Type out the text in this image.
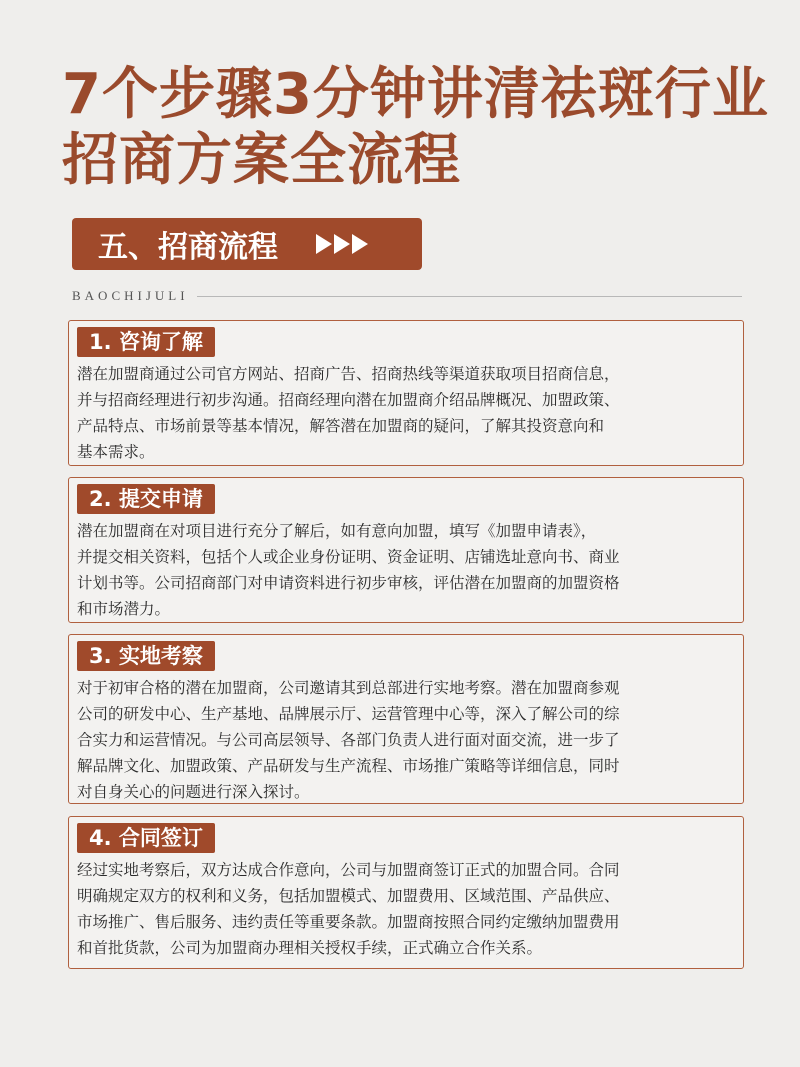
7个步骤3分钟讲清祛斑行业
招商方案全流程
五、招商流程
BAOCHIJULI
1. 咨询了解
潜在加盟商通过公司官方网站、招商广告、招商热线等渠道获取项目招商信息，
并与招商经理进行初步沟通。招商经理向潜在加盟商介绍品牌概况、加盟政策、
产品特点、市场前景等基本情况，解答潜在加盟商的疑问，了解其投资意向和
基本需求。
2. 提交申请
潜在加盟商在对项目进行充分了解后，如有意向加盟，填写《加盟申请表》，
并提交相关资料，包括个人或企业身份证明、资金证明、店铺选址意向书、商业
计划书等。公司招商部门对申请资料进行初步审核，评估潜在加盟商的加盟资格
和市场潜力。
3. 实地考察
对于初审合格的潜在加盟商，公司邀请其到总部进行实地考察。潜在加盟商参观
公司的研发中心、生产基地、品牌展示厅、运营管理中心等，深入了解公司的综
合实力和运营情况。与公司高层领导、各部门负责人进行面对面交流，进一步了
解品牌文化、加盟政策、产品研发与生产流程、市场推广策略等详细信息，同时
对自身关心的问题进行深入探讨。
4. 合同签订
经过实地考察后，双方达成合作意向，公司与加盟商签订正式的加盟合同。合同
明确规定双方的权利和义务，包括加盟模式、加盟费用、区域范围、产品供应、
市场推广、售后服务、违约责任等重要条款。加盟商按照合同约定缴纳加盟费用
和首批货款，公司为加盟商办理相关授权手续，正式确立合作关系。
